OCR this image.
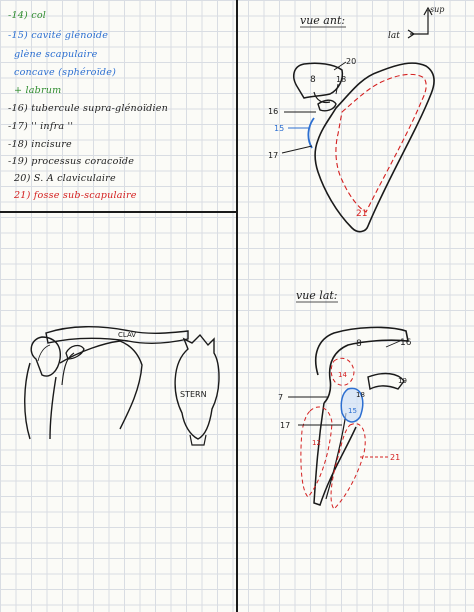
-14) col
-15) cavité glénoïde
glène scapulaire
concave (sphéroïde)
+ labrum
-16) tubercule supra-glénoïdien
-17) '' infra ''
-18) incisure
-19) processus coracoïde
20) S. A claviculaire
21) fosse sub-scapulaire
vue ant:
lat
sup
8
20
18
16
15
17
21
CLAV
STERN
vue lat:
8
19
14
12
16
7
17
18
15
21
